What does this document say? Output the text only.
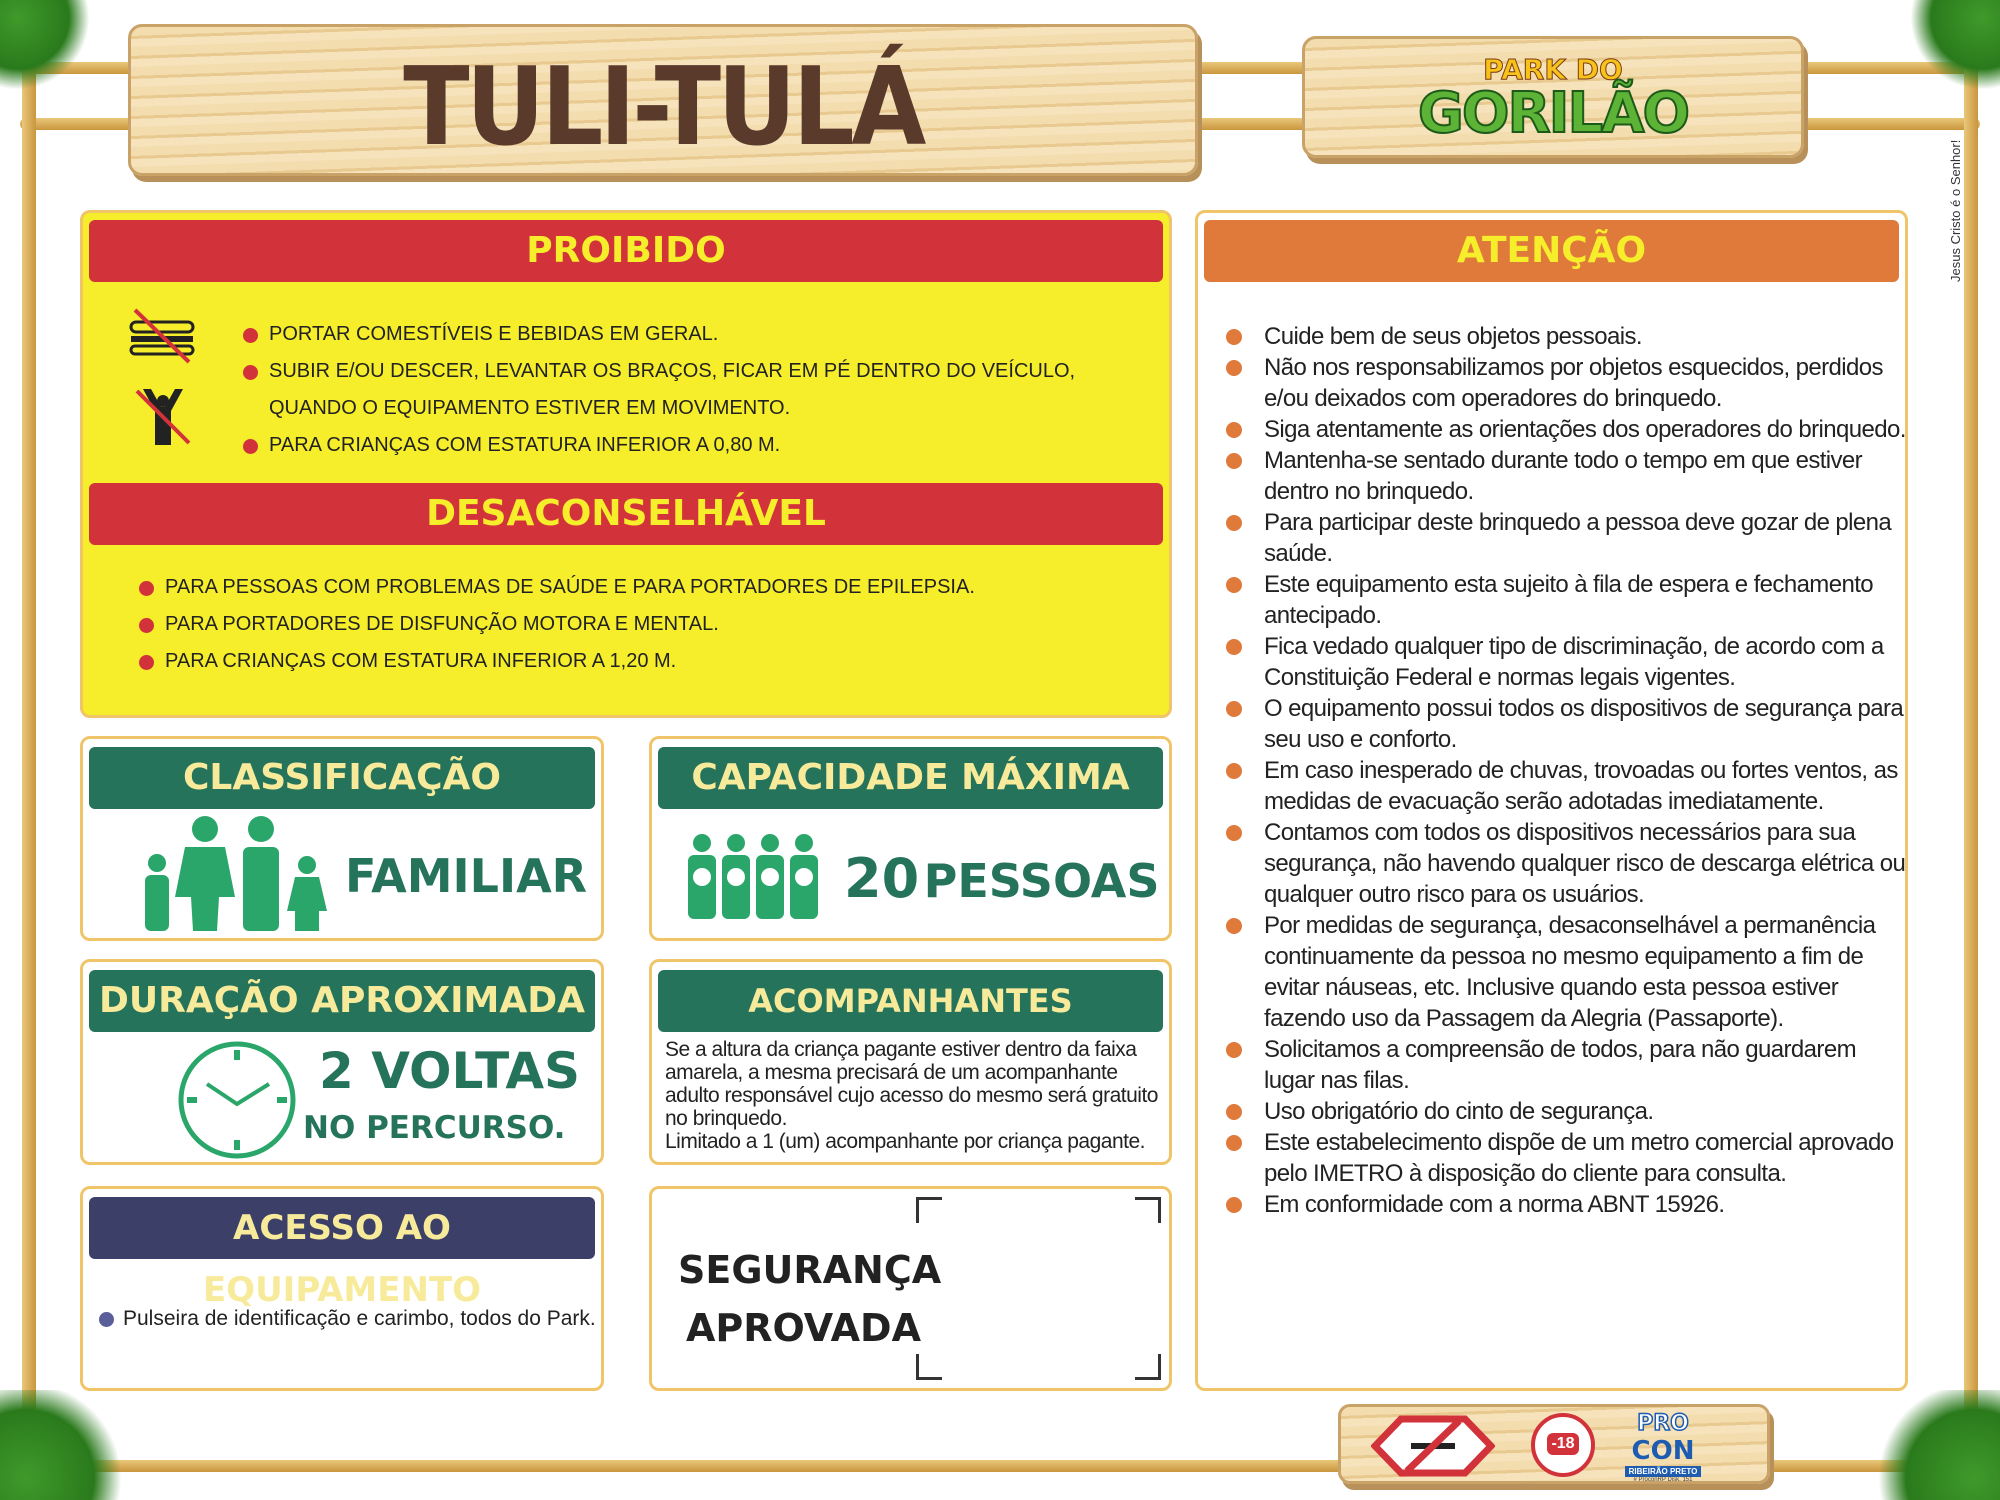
TULI-TULÁ	PARK DO
GORILÃO
Jesus Cristo é o Senhor!
PROIBIDO
PORTAR COMESTÍVEIS E BEBIDAS EM GERAL.
SUBIR E/OU DESCER, LEVANTAR OS BRAÇOS, FICAR EM PÉ DENTRO DO VEÍCULO, QUANDO O EQUIPAMENTO ESTIVER EM MOVIMENTO.
PARA CRIANÇAS COM ESTATURA INFERIOR A 0,80 M.
DESACONSELHÁVEL
PARA PESSOAS COM PROBLEMAS DE SAÚDE E PARA PORTADORES DE EPILEPSIA.
PARA PORTADORES DE DISFUNÇÃO MOTORA E MENTAL.
PARA CRIANÇAS COM ESTATURA INFERIOR A 1,20 M.
CLASSIFICAÇÃO
FAMILIAR
CAPACIDADE MÁXIMA
20 PESSOAS
DURAÇÃO APROXIMADA
2 VOLTAS
NO PERCURSO.
ACOMPANHANTES
Se a altura da criança pagante estiver dentro da faixa amarela, a mesma precisará de um acompanhante adulto responsável cujo acesso do mesmo será gratuito no brinquedo.
Limitado a 1 (um) acompanhante por criança pagante.
ACESSO AO EQUIPAMENTO
Pulseira de identificação e carimbo, todos do Park.
SEGURANÇA
APROVADA
ATENÇÃO
Cuide bem de seus objetos pessoais.
Não nos responsabilizamos por objetos esquecidos, perdidos e/ou deixados com operadores do brinquedo.
Siga atentamente as orientações dos operadores do brinquedo.
Mantenha-se sentado durante todo o tempo em que estiver dentro no brinquedo.
Para participar deste brinquedo a pessoa deve gozar de plena saúde.
Este equipamento esta sujeito à fila de espera e fechamento antecipado.
Fica vedado qualquer tipo de discriminação, de acordo com a Constituição Federal e normas legais vigentes.
O equipamento possui todos os dispositivos de segurança para seu uso e conforto.
Em caso inesperado de chuvas, trovoadas ou fortes ventos, as medidas de evacuação serão adotadas imediatamente.
Contamos com todos os dispositivos necessários para sua segurança, não havendo qualquer risco de descarga elétrica ou qualquer outro risco para os usuários.
Por medidas de segurança, desaconselhável a permanência continuamente da pessoa no mesmo equipamento a fim de evitar náuseas, etc. Inclusive quando esta pessoa estiver fazendo uso da Passagem da Alegria (Passaporte).
Solicitamos a compreensão de todos, para não guardarem lugar nas filas.
Uso obrigatório do cinto de segurança.
Este estabelecimento dispõe de um metro comercial aprovado pelo IMETRO à disposição do cliente para consulta.
Em conformidade com a norma ABNT 15926.
-18
PRO
CON
RIBEIRÃO PRETO
# ProconRP Disk. 151
